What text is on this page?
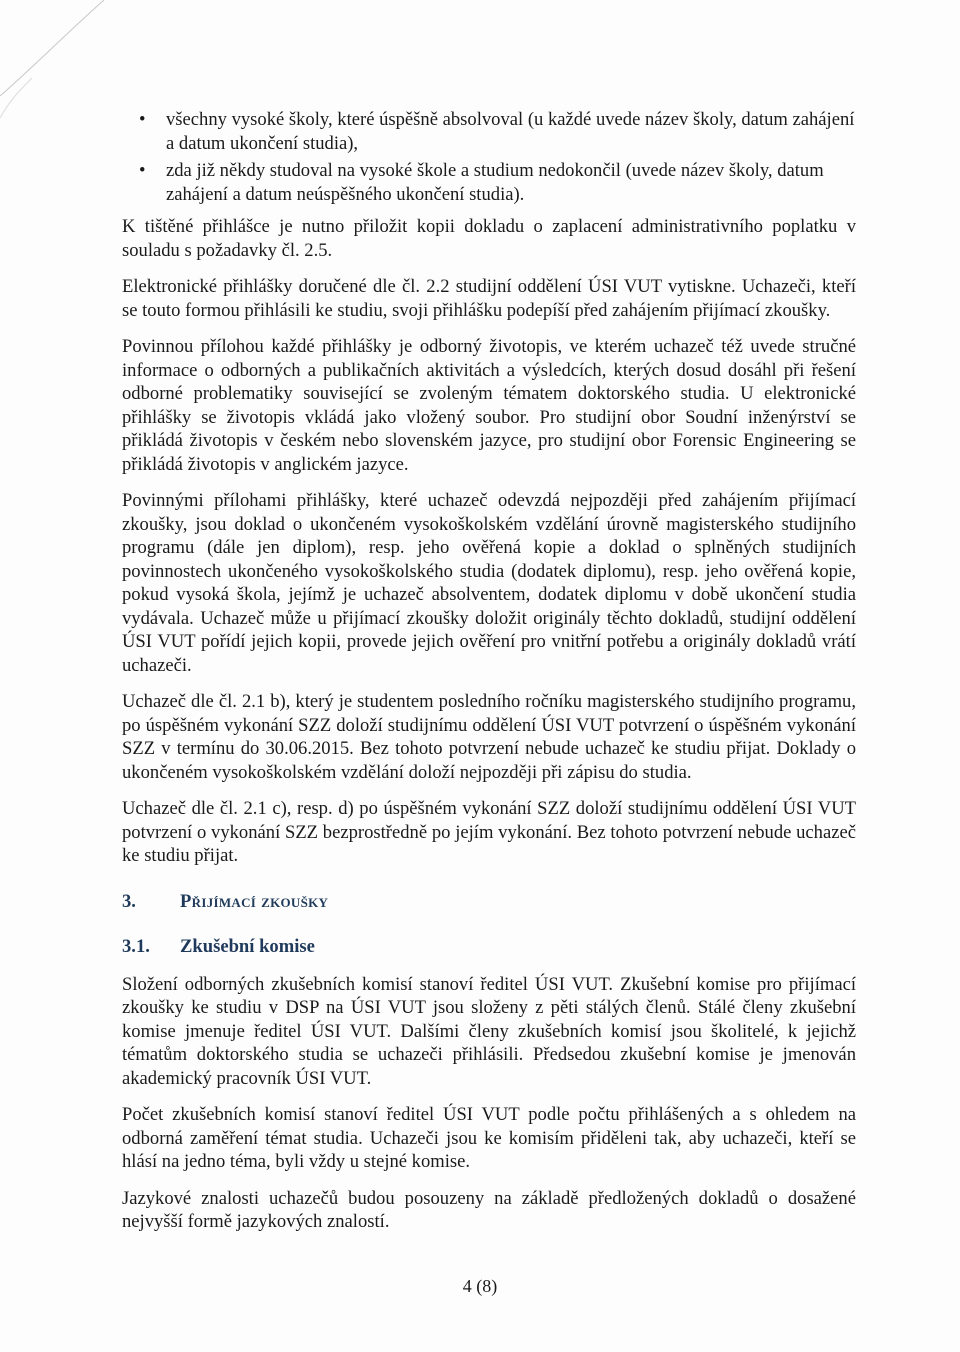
• všechny vysoké školy, které úspěšně absolvoval (u každé uvede název školy, datum zahájení a datum ukončení studia),
• zda již někdy studoval na vysoké škole a studium nedokončil (uvede název školy, datum zahájení a datum neúspěšného ukončení studia).

K tištěné přihlášce je nutno přiložit kopii dokladu o zaplacení administrativního poplatku v souladu s požadavky čl. 2.5.

Elektronické přihlášky doručené dle čl. 2.2 studijní oddělení ÚSI VUT vytiskne. Uchazeči, kteří se touto formou přihlásili ke studiu, svoji přihlášku podepíší před zahájením přijímací zkoušky.

Povinnou přílohou každé přihlášky je odborný životopis, ve kterém uchazeč též uvede stručné informace o odborných a publikačních aktivitách a výsledcích, kterých dosud dosáhl při řešení odborné problematiky související se zvoleným tématem doktorského studia. U elektronické přihlášky se životopis vkládá jako vložený soubor. Pro studijní obor Soudní inženýrství se přikládá životopis v českém nebo slovenském jazyce, pro studijní obor Forensic Engineering se přikládá životopis v anglickém jazyce.

Povinnými přílohami přihlášky, které uchazeč odevzdá nejpozději před zahájením přijímací zkoušky, jsou doklad o ukončeném vysokoškolském vzdělání úrovně magisterského studijního programu (dále jen diplom), resp. jeho ověřená kopie a doklad o splněných studijních povinnostech ukončeného vysokoškolského studia (dodatek diplomu), resp. jeho ověřená kopie, pokud vysoká škola, jejímž je uchazeč absolventem, dodatek diplomu v době ukončení studia vydávala. Uchazeč může u přijímací zkoušky doložit originály těchto dokladů, studijní oddělení ÚSI VUT pořídí jejich kopii, provede jejich ověření pro vnitřní potřebu a originály dokladů vrátí uchazeči.

Uchazeč dle čl. 2.1 b), který je studentem posledního ročníku magisterského studijního programu, po úspěšném vykonání SZZ doloží studijnímu oddělení ÚSI VUT potvrzení o úspěšném vykonání SZZ v termínu do 30.06.2015. Bez tohoto potvrzení nebude uchazeč ke studiu přijat. Doklady o ukončeném vysokoškolském vzdělání doloží nejpozději při zápisu do studia.

Uchazeč dle čl. 2.1 c), resp. d) po úspěšném vykonání SZZ doloží studijnímu oddělení ÚSI VUT potvrzení o vykonání SZZ bezprostředně po jejím vykonání. Bez tohoto potvrzení nebude uchazeč ke studiu přijat.

3. Přijímací zkoušky
3.1. Zkušební komise

Složení odborných zkušebních komisí stanoví ředitel ÚSI VUT. Zkušební komise pro přijímací zkoušky ke studiu v DSP na ÚSI VUT jsou složeny z pěti stálých členů. Stálé členy zkušební komise jmenuje ředitel ÚSI VUT. Dalšími členy zkušebních komisí jsou školitelé, k jejichž tématům doktorského studia se uchazeči přihlásili. Předsedou zkušební komise je jmenován akademický pracovník ÚSI VUT.

Počet zkušebních komisí stanoví ředitel ÚSI VUT podle počtu přihlášených a s ohledem na odborná zaměření témat studia. Uchazeči jsou ke komisím přiděleni tak, aby uchazeči, kteří se hlásí na jedno téma, byli vždy u stejné komise.

Jazykové znalosti uchazečů budou posouzeny na základě předložených dokladů o dosažené nejvyšší formě jazykových znalostí.

4 (8)
